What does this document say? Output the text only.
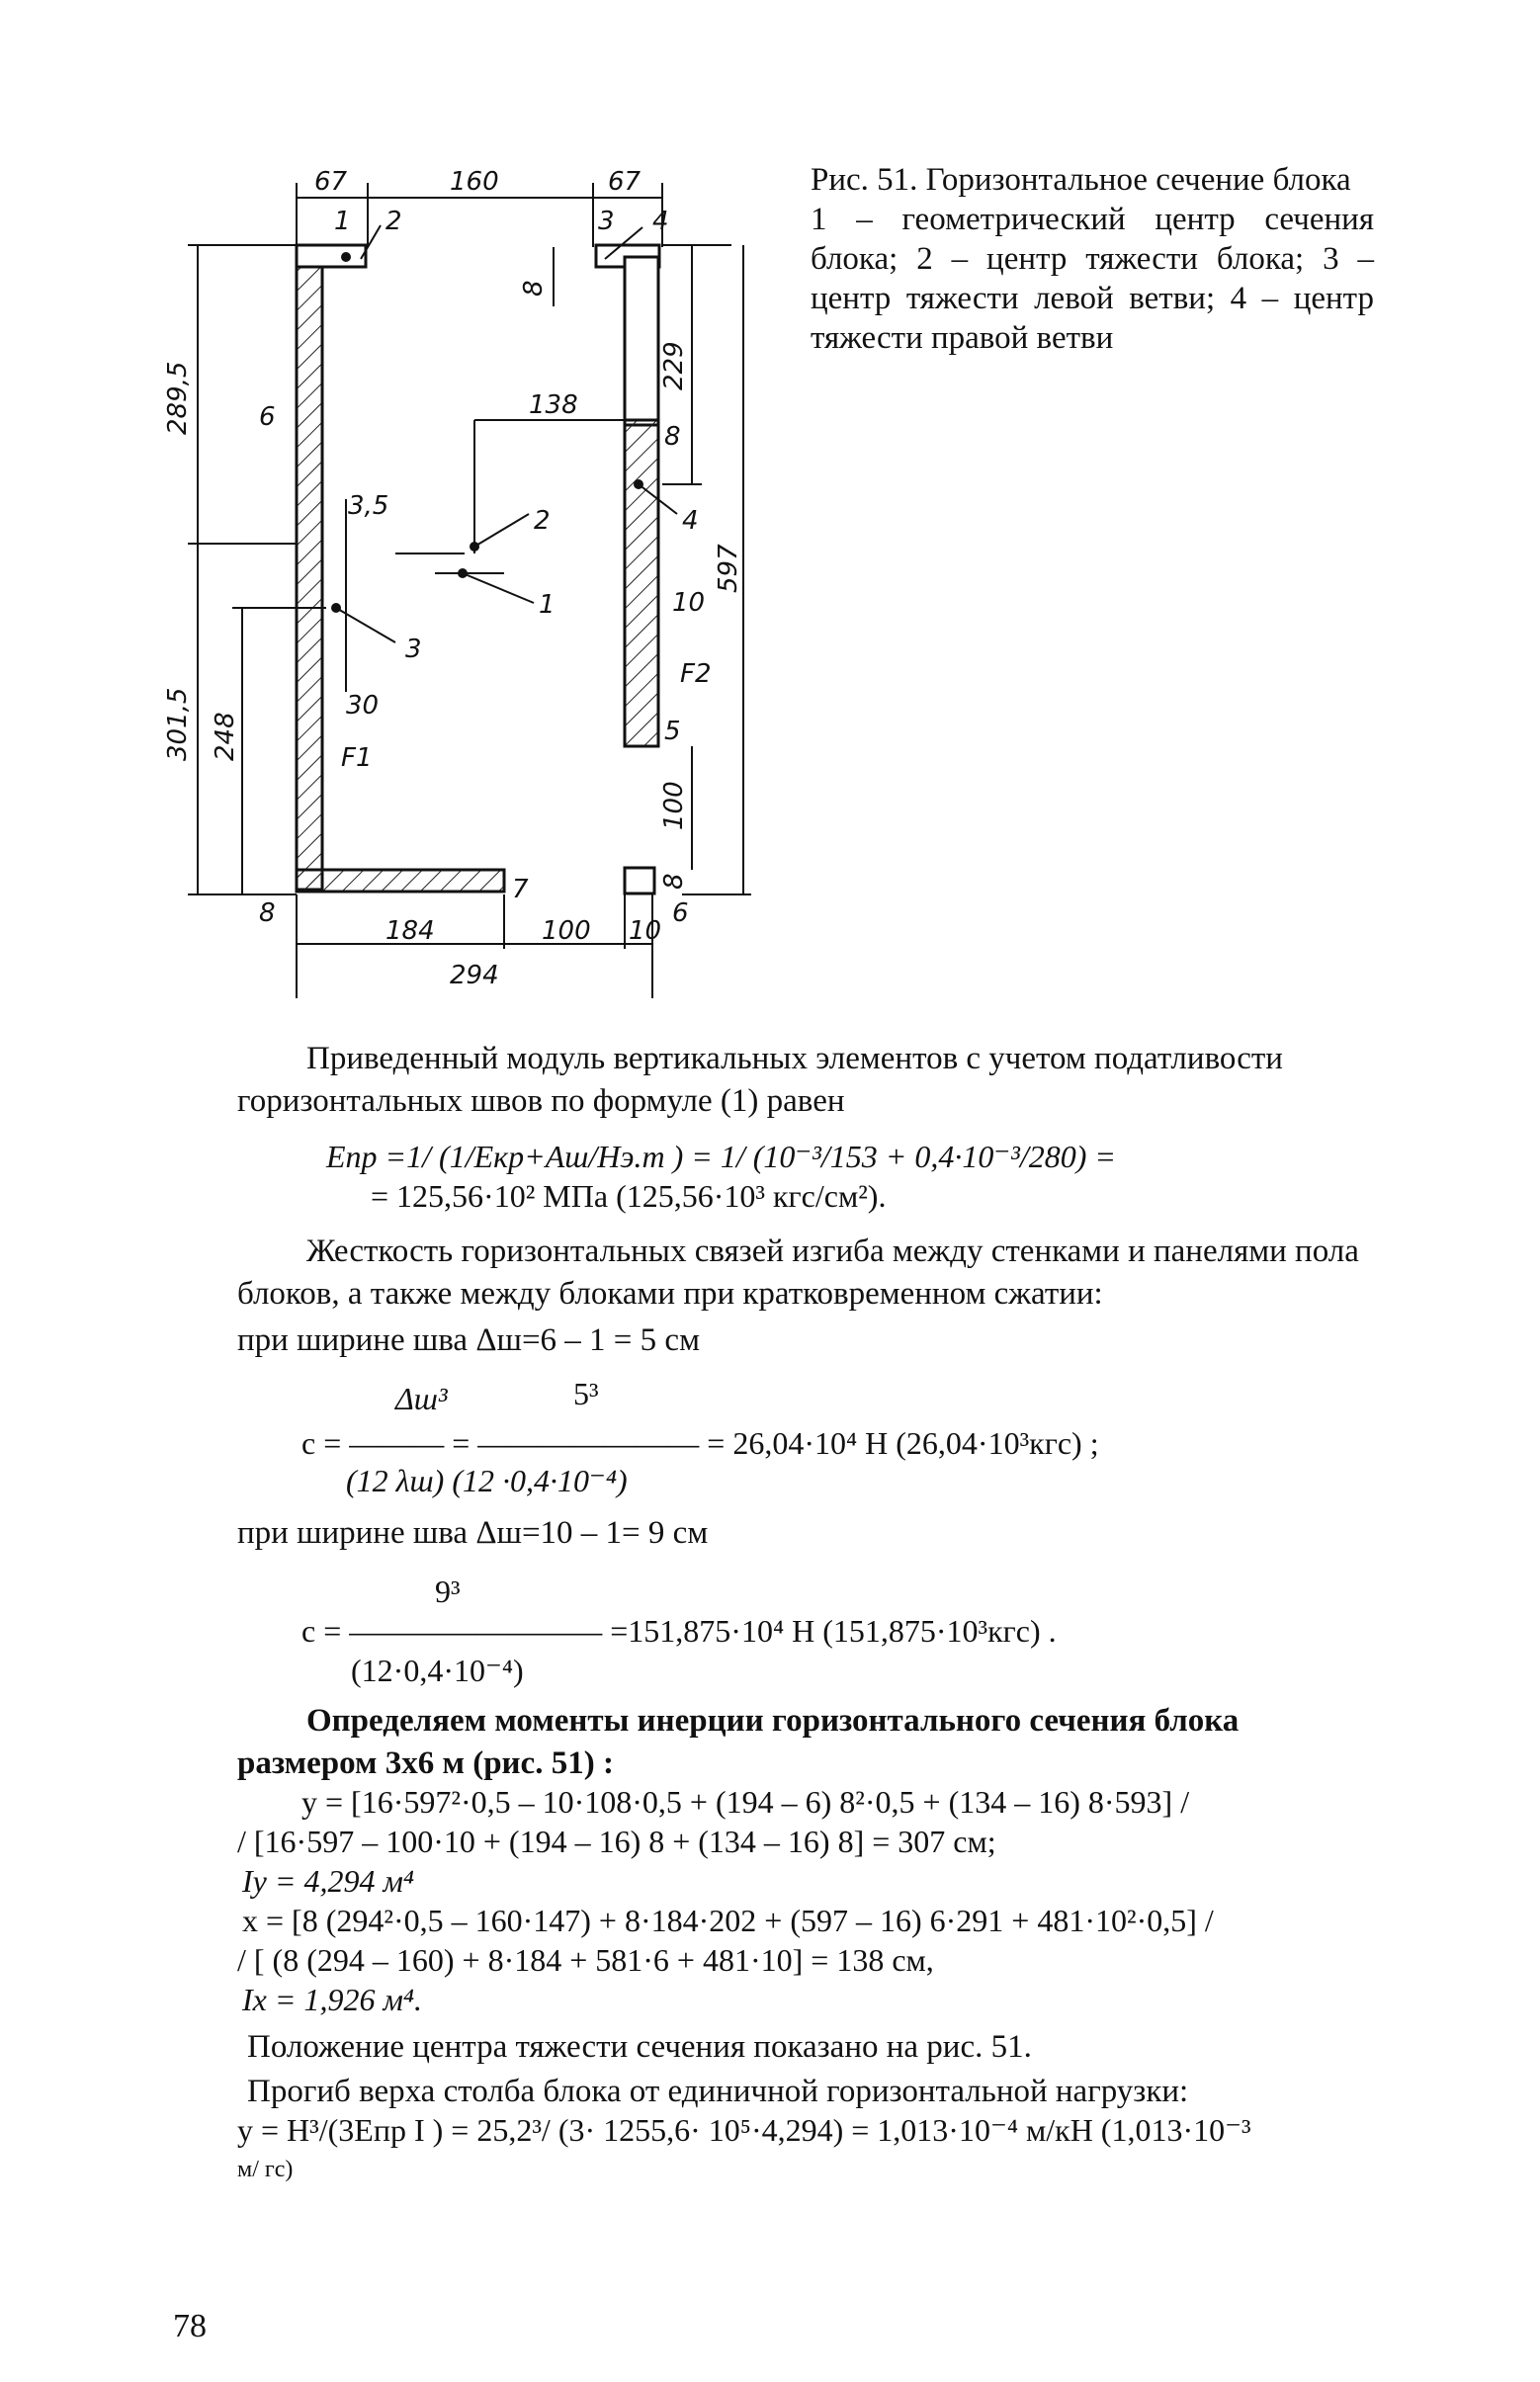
67	160	67
289,5
301,5 248
229
597
100
184	100 10
294
138
8
8
8
8
3,5
30
10
6
6
5
7
1
2
3
4
1 2	3 4
F1
F2
Рис. 51. Горизонтальное сечение блока
1 – геометрический центр сечения блока; 2 – центр тяжести блока; 3 – центр тяжести левой ветви; 4 – центр тяжести правой ветви
Приведенный модуль вертикальных элементов с учетом податливости горизонтальных швов по формуле (1) равен
Eпр =1/ (1/Eкр+Aш/Нэ.т ) = 1/ (10⁻³/153 + 0,4·10⁻³/280) =
= 125,56·10² МПа (125,56·10³ кгс/см²).
Жесткость горизонтальных связей изгиба между стенками и панелями пола блоков, а также между блоками при кратковременном сжатии:
при ширине шва Δш=6 – 1 = 5 см
Δш³	5³
c = ——— = ——————— = 26,04·10⁴ Н (26,04·10³кгс) ;
(12 λш) (12 ·0,4·10⁻⁴)
при ширине шва Δш=10 – 1= 9 см
9³
c = ———————— =151,875·10⁴ Н (151,875·10³кгс) .
(12·0,4·10⁻⁴)
Определяем моменты инерции горизонтального сечения блока размером 3х6 м (рис. 51) :
y = [16·597²·0,5 – 10·108·0,5 + (194 – 6) 8²·0,5 + (134 – 16) 8·593] /
/ [16·597 – 100·10 + (194 – 16) 8 + (134 – 16) 8] = 307 см;
Iy = 4,294 м⁴
x = [8 (294²·0,5 – 160·147) + 8·184·202 + (597 – 16) 6·291 + 481·10²·0,5] /
/ [ (8 (294 – 160) + 8·184 + 581·6 + 481·10] = 138 см,
Ix = 1,926 м⁴.
Положение центра тяжести сечения показано на рис. 51.
Прогиб верха столба блока от единичной горизонтальной нагрузки:
y = H³/(3Eпр I ) = 25,2³/ (3· 1255,6· 10⁵·4,294) = 1,013·10⁻⁴ м/кН (1,013·10⁻³
м/ гс)
78
